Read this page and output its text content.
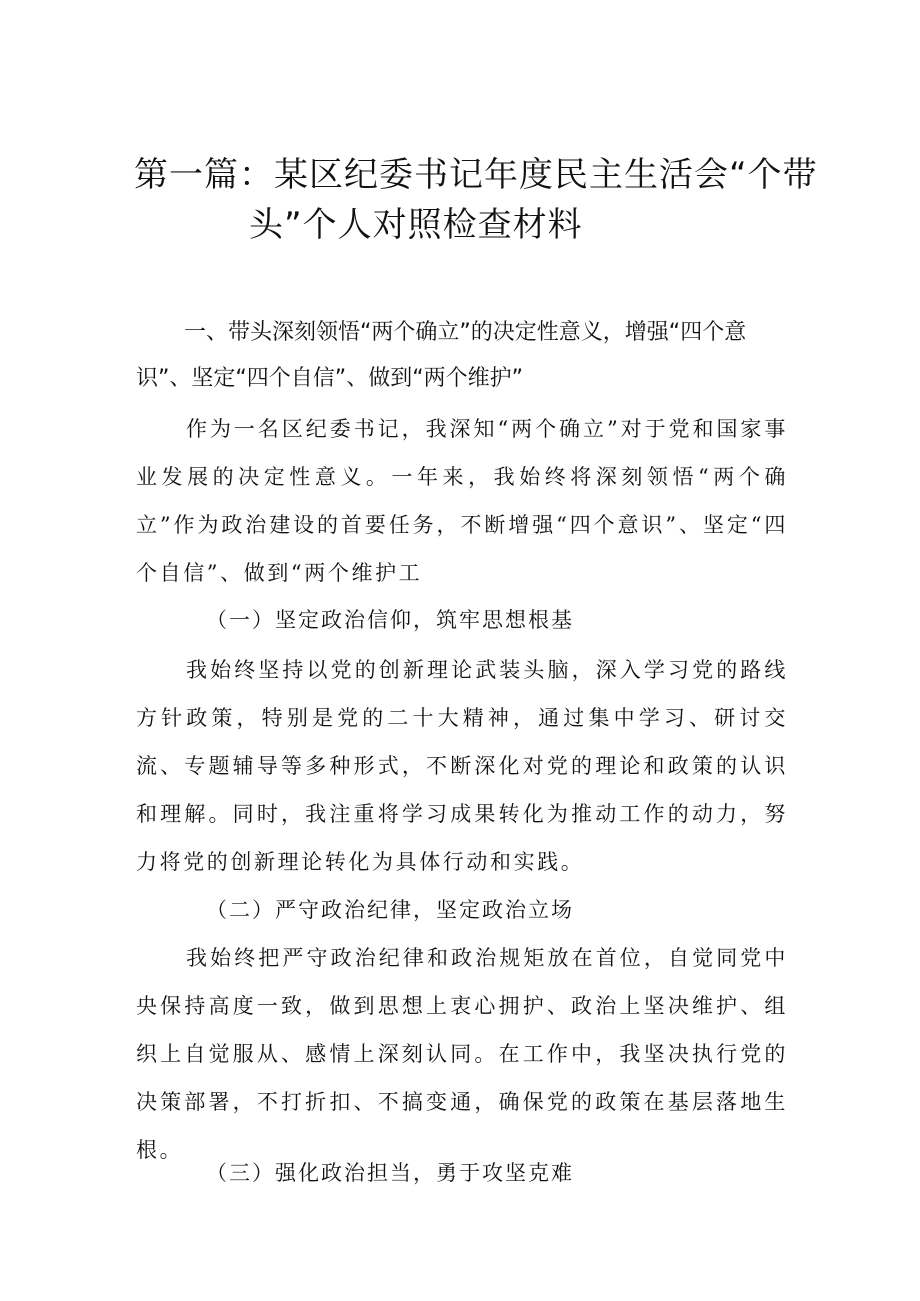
第一篇：某区纪委书记年度民主生活会“个带
头”个人对照检查材料

一、带头深刻领悟“两个确立”的决定性意义，增强“四个意识”、坚定“四个自信”、做到“两个维护”

作为一名区纪委书记，我深知“两个确立”对于党和国家事业发展的决定性意义。一年来，我始终将深刻领悟“两个确立”作为政治建设的首要任务，不断增强“四个意识”、坚定“四个自信”、做到“两个维护工

（一）坚定政治信仰，筑牢思想根基

我始终坚持以党的创新理论武装头脑，深入学习党的路线方针政策，特别是党的二十大精神，通过集中学习、研讨交流、专题辅导等多种形式，不断深化对党的理论和政策的认识和理解。同时，我注重将学习成果转化为推动工作的动力，努力将党的创新理论转化为具体行动和实践。

（二）严守政治纪律，坚定政治立场

我始终把严守政治纪律和政治规矩放在首位，自觉同党中央保持高度一致，做到思想上衷心拥护、政治上坚决维护、组织上自觉服从、感情上深刻认同。在工作中，我坚决执行党的决策部署，不打折扣、不搞变通，确保党的政策在基层落地生根。

（三）强化政治担当，勇于攻坚克难
